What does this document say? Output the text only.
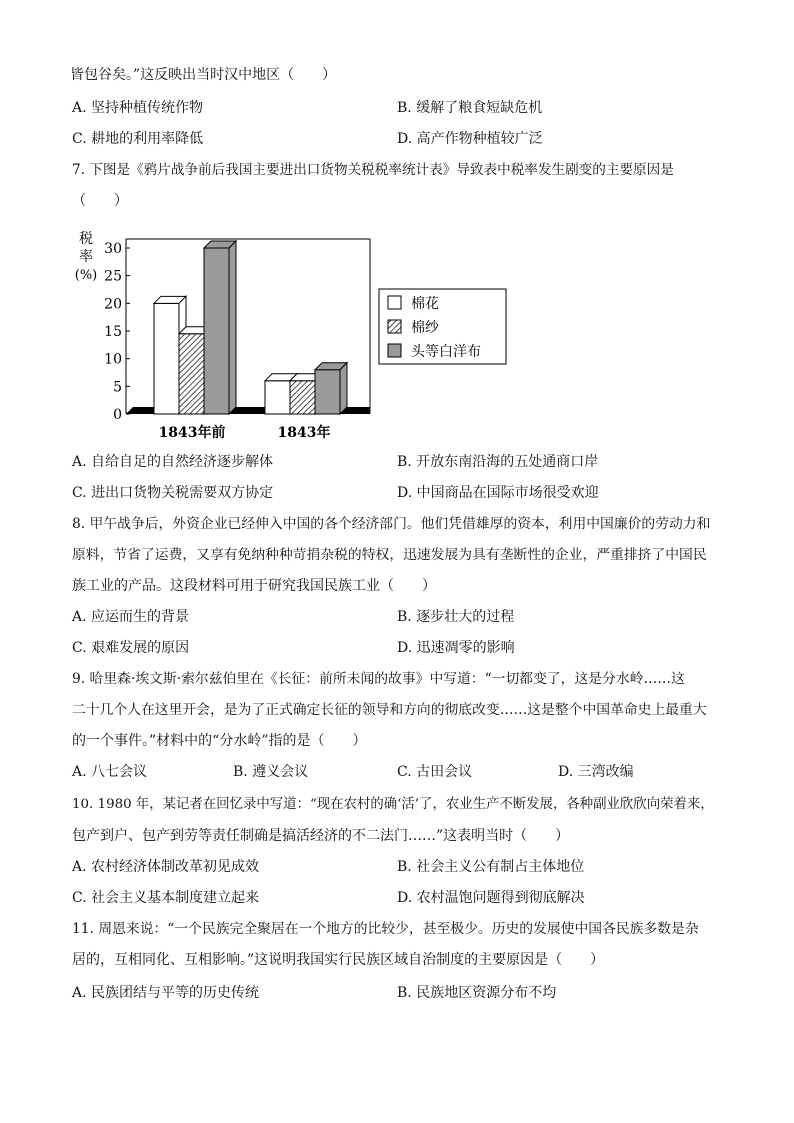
皆包谷矣。”这反映出当时汉中地区（　　）
A. 坚持种植传统作物	B. 缓解了粮食短缺危机
C. 耕地的利用率降低	D. 高产作物种植较广泛
7. 下图是《鸦片战争前后我国主要进出口货物关税税率统计表》导致表中税率发生剧变的主要原因是
（　　）
税
率
(%)
0
5
10
15
20
25
30
1843年前	1843年
棉花
棉纱
头等白洋布
A. 自给自足的自然经济逐步解体	B. 开放东南沿海的五处通商口岸
C. 进出口货物关税需要双方协定	D. 中国商品在国际市场很受欢迎
8. 甲午战争后，外资企业已经伸入中国的各个经济部门。他们凭借雄厚的资本，利用中国廉价的劳动力和
原料，节省了运费，又享有免纳种种苛捐杂税的特权，迅速发展为具有垄断性的企业，严重排挤了中国民
族工业的产品。这段材料可用于研究我国民族工业（　　）
A. 应运而生的背景	B. 逐步壮大的过程
C. 艰难发展的原因	D. 迅速凋零的影响
9. 哈里森·埃文斯·索尔兹伯里在《长征：前所未闻的故事》中写道：“一切都变了，这是分水岭……这
二十几个人在这里开会，是为了正式确定长征的领导和方向的彻底改变……这是整个中国革命史上最重大
的一个事件。”材料中的“分水岭”指的是（　　）
A. 八七会议	B. 遵义会议	C. 古田会议	D. 三湾改编
10. 1980 年，某记者在回忆录中写道：“现在农村的确‘活’了，农业生产不断发展，各种副业欣欣向荣着来，
包产到户、包产到劳等责任制确是搞活经济的不二法门……”这表明当时（　　）
A. 农村经济体制改革初见成效	B. 社会主义公有制占主体地位
C. 社会主义基本制度建立起来	D. 农村温饱问题得到彻底解决
11. 周恩来说：“一个民族完全聚居在一个地方的比较少，甚至极少。历史的发展使中国各民族多数是杂
居的，互相同化、互相影响。”这说明我国实行民族区域自治制度的主要原因是（　　）
A. 民族团结与平等的历史传统	B. 民族地区资源分布不均
